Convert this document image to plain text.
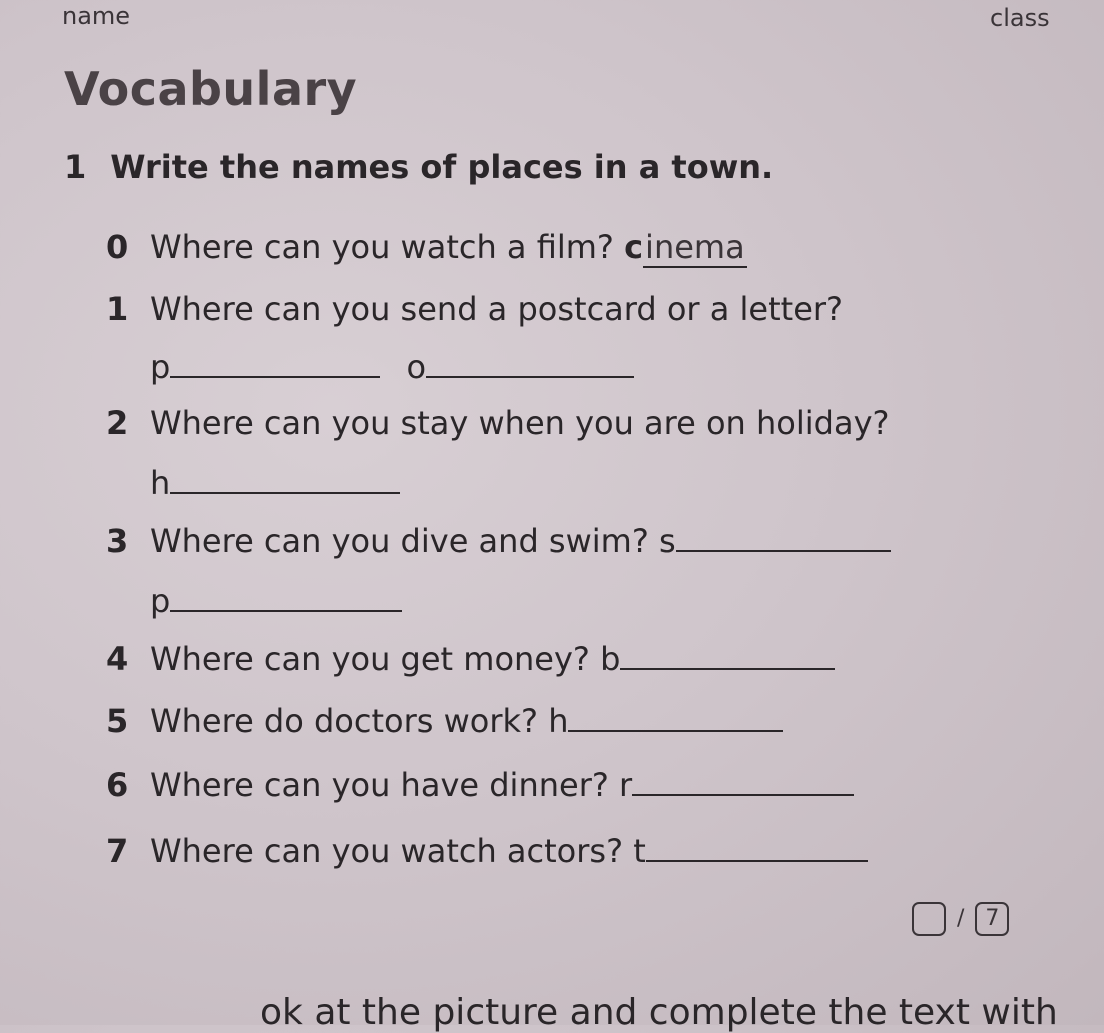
name	class
Vocabulary
1 Write the names of places in a town.
0 Where can you watch a film? cinema
1 Where can you send a postcard or a letter?
p	o
2 Where can you stay when you are on holiday?
h
3 Where can you dive and swim? s
p
4 Where can you get money? b
5 Where do doctors work? h
6 Where can you have dinner? r
7 Where can you watch actors? t
/ 7
ok at the picture and complete the text with
